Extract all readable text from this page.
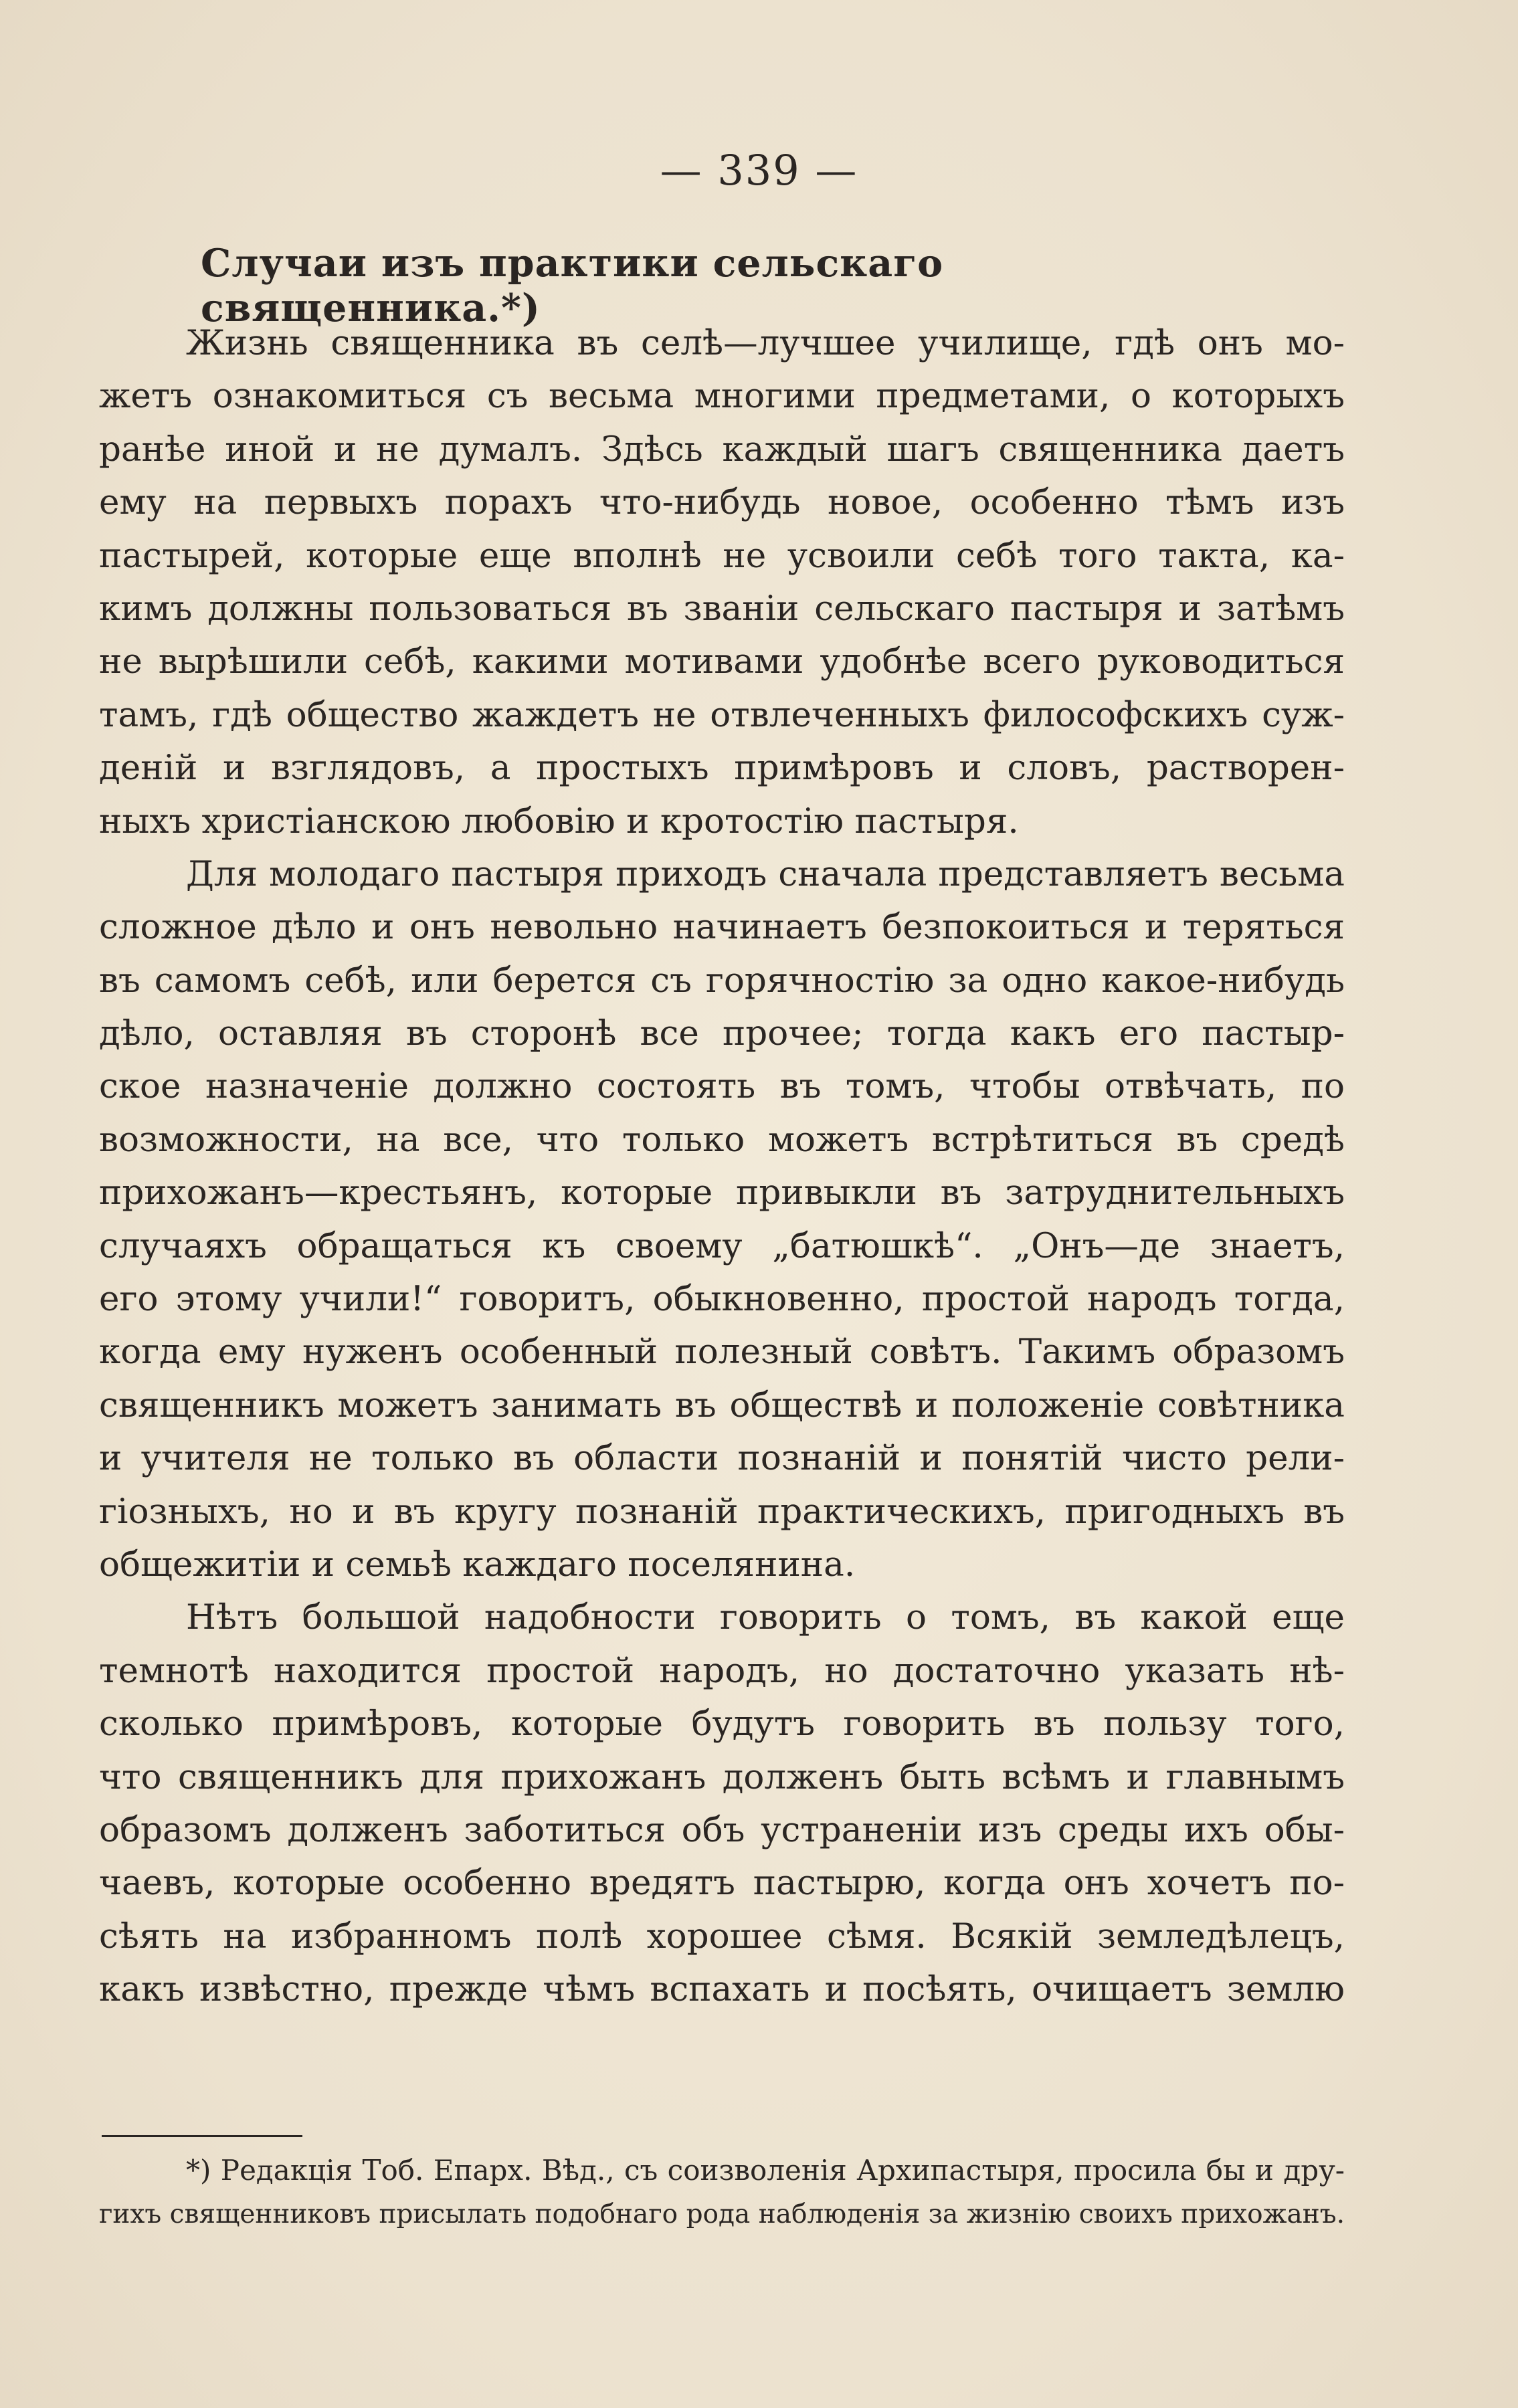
— 339 —
Случаи изъ практики сельскаго священника.*)
Жизнь священника въ селѣ—лучшее училище, гдѣ онъ мо-
жетъ ознакомиться съ весьма многими предметами, о которыхъ
ранѣе иной и не думалъ. Здѣсь каждый шагъ священника даетъ
ему на первыхъ порахъ что-нибудь новое, особенно тѣмъ изъ
пастырей, которые еще вполнѣ не усвоили себѣ того такта, ка-
кимъ должны пользоваться въ званіи сельскаго пастыря и затѣмъ
не вырѣшили себѣ, какими мотивами удобнѣе всего руководиться
тамъ, гдѣ общество жаждетъ не отвлеченныхъ философскихъ суж-
деній и взглядовъ, а простыхъ примѣровъ и словъ, растворен-
ныхъ христіанскою любовію и кротостію пастыря.
Для молодаго пастыря приходъ сначала представляетъ весьма
сложное дѣло и онъ невольно начинаетъ безпокоиться и теряться
въ самомъ себѣ, или берется съ горячностію за одно какое-нибудь
дѣло, оставляя въ сторонѣ все прочее; тогда какъ его пастыр-
ское назначеніе должно состоять въ томъ, чтобы отвѣчать, по
возможности, на все, что только можетъ встрѣтиться въ средѣ
прихожанъ—крестьянъ, которые привыкли въ затруднительныхъ
случаяхъ обращаться къ своему „батюшкѣ“. „Онъ—де знаетъ,
его этому учили!“ говоритъ, обыкновенно, простой народъ тогда,
когда ему нуженъ особенный полезный совѣтъ. Такимъ образомъ
священникъ можетъ занимать въ обществѣ и положеніе совѣтника
и учителя не только въ области познаній и понятій чисто рели-
гіозныхъ, но и въ кругу познаній практическихъ, пригодныхъ въ
общежитіи и семьѣ каждаго поселянина.
Нѣтъ большой надобности говорить о томъ, въ какой еще
темнотѣ находится простой народъ, но достаточно указать нѣ-
сколько примѣровъ, которые будутъ говорить въ пользу того,
что священникъ для прихожанъ долженъ быть всѣмъ и главнымъ
образомъ долженъ заботиться объ устраненіи изъ среды ихъ обы-
чаевъ, которые особенно вредятъ пастырю, когда онъ хочетъ по-
сѣять на избранномъ полѣ хорошее сѣмя. Всякій земледѣлецъ,
какъ извѣстно, прежде чѣмъ вспахать и посѣять, очищаетъ землю
*) Редакція Тоб. Епарх. Вѣд., съ соизволенія Архипастыря, просила бы и дру-
гихъ священниковъ присылать подобнаго рода наблюденія за жизнію своихъ прихожанъ.
